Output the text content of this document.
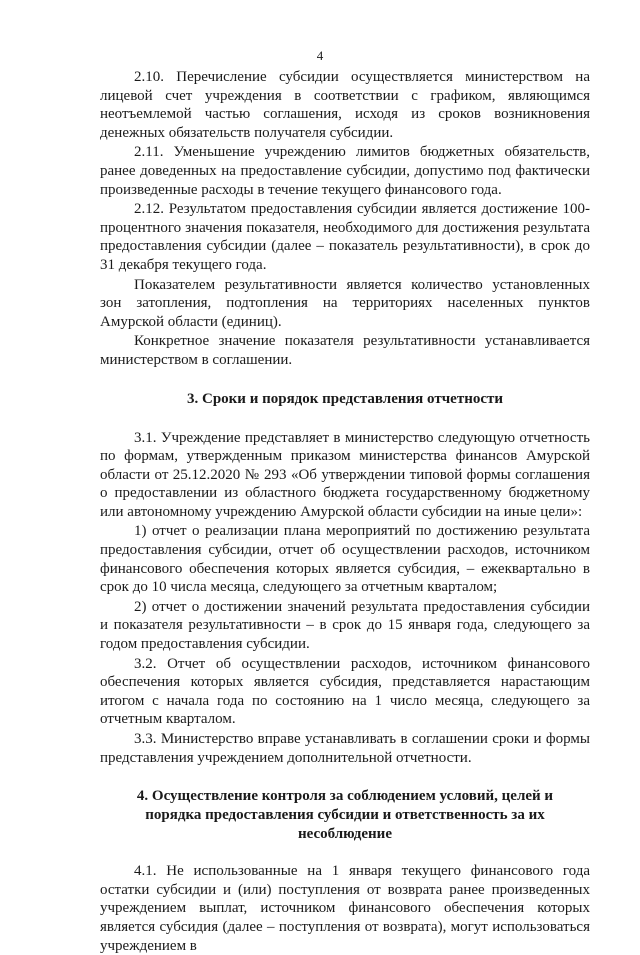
4

2.10. Перечисление субсидии осуществляется министерством на лицевой счет учреждения в соответствии с графиком, являющимся неотъемлемой частью соглашения, исходя из сроков возникновения денежных обязательств получателя субсидии.

2.11. Уменьшение учреждению лимитов бюджетных обязательств, ранее доведенных на предоставление субсидии, допустимо под фактически произведенные расходы в течение текущего финансового года.

2.12. Результатом предоставления субсидии является достижение 100-процентного значения показателя, необходимого для достижения результата предоставления субсидии (далее – показатель результативности), в срок до 31 декабря текущего года.

Показателем результативности является количество установленных зон затопления, подтопления на территориях населенных пунктов Амурской области (единиц).

Конкретное значение показателя результативности устанавливается министерством в соглашении.

3. Сроки и порядок представления отчетности

3.1. Учреждение представляет в министерство следующую отчетность по формам, утвержденным приказом министерства финансов Амурской области от 25.12.2020 № 293 «Об утверждении типовой формы соглашения о предоставлении из областного бюджета государственному бюджетному или автономному учреждению Амурской области субсидии на иные цели»:

1) отчет о реализации плана мероприятий по достижению результата предоставления субсидии, отчет об осуществлении расходов, источником финансового обеспечения которых является субсидия, – ежеквартально в срок до 10 числа месяца, следующего за отчетным кварталом;

2) отчет о достижении значений результата предоставления субсидии и показателя результативности – в срок до 15 января года, следующего за годом предоставления субсидии.

3.2. Отчет об осуществлении расходов, источником финансового обеспечения которых является субсидия, представляется нарастающим итогом с начала года по состоянию на 1 число месяца, следующего за отчетным кварталом.

3.3. Министерство вправе устанавливать в соглашении сроки и формы представления учреждением дополнительной отчетности.

4. Осуществление контроля за соблюдением условий, целей и
порядка предоставления субсидии и ответственность за их несоблюдение

4.1. Не использованные на 1 января текущего финансового года остатки субсидии и (или) поступления от возврата ранее произведенных учреждением выплат, источником финансового обеспечения которых является субсидия (далее – поступления от возврата), могут использоваться учреждением в
